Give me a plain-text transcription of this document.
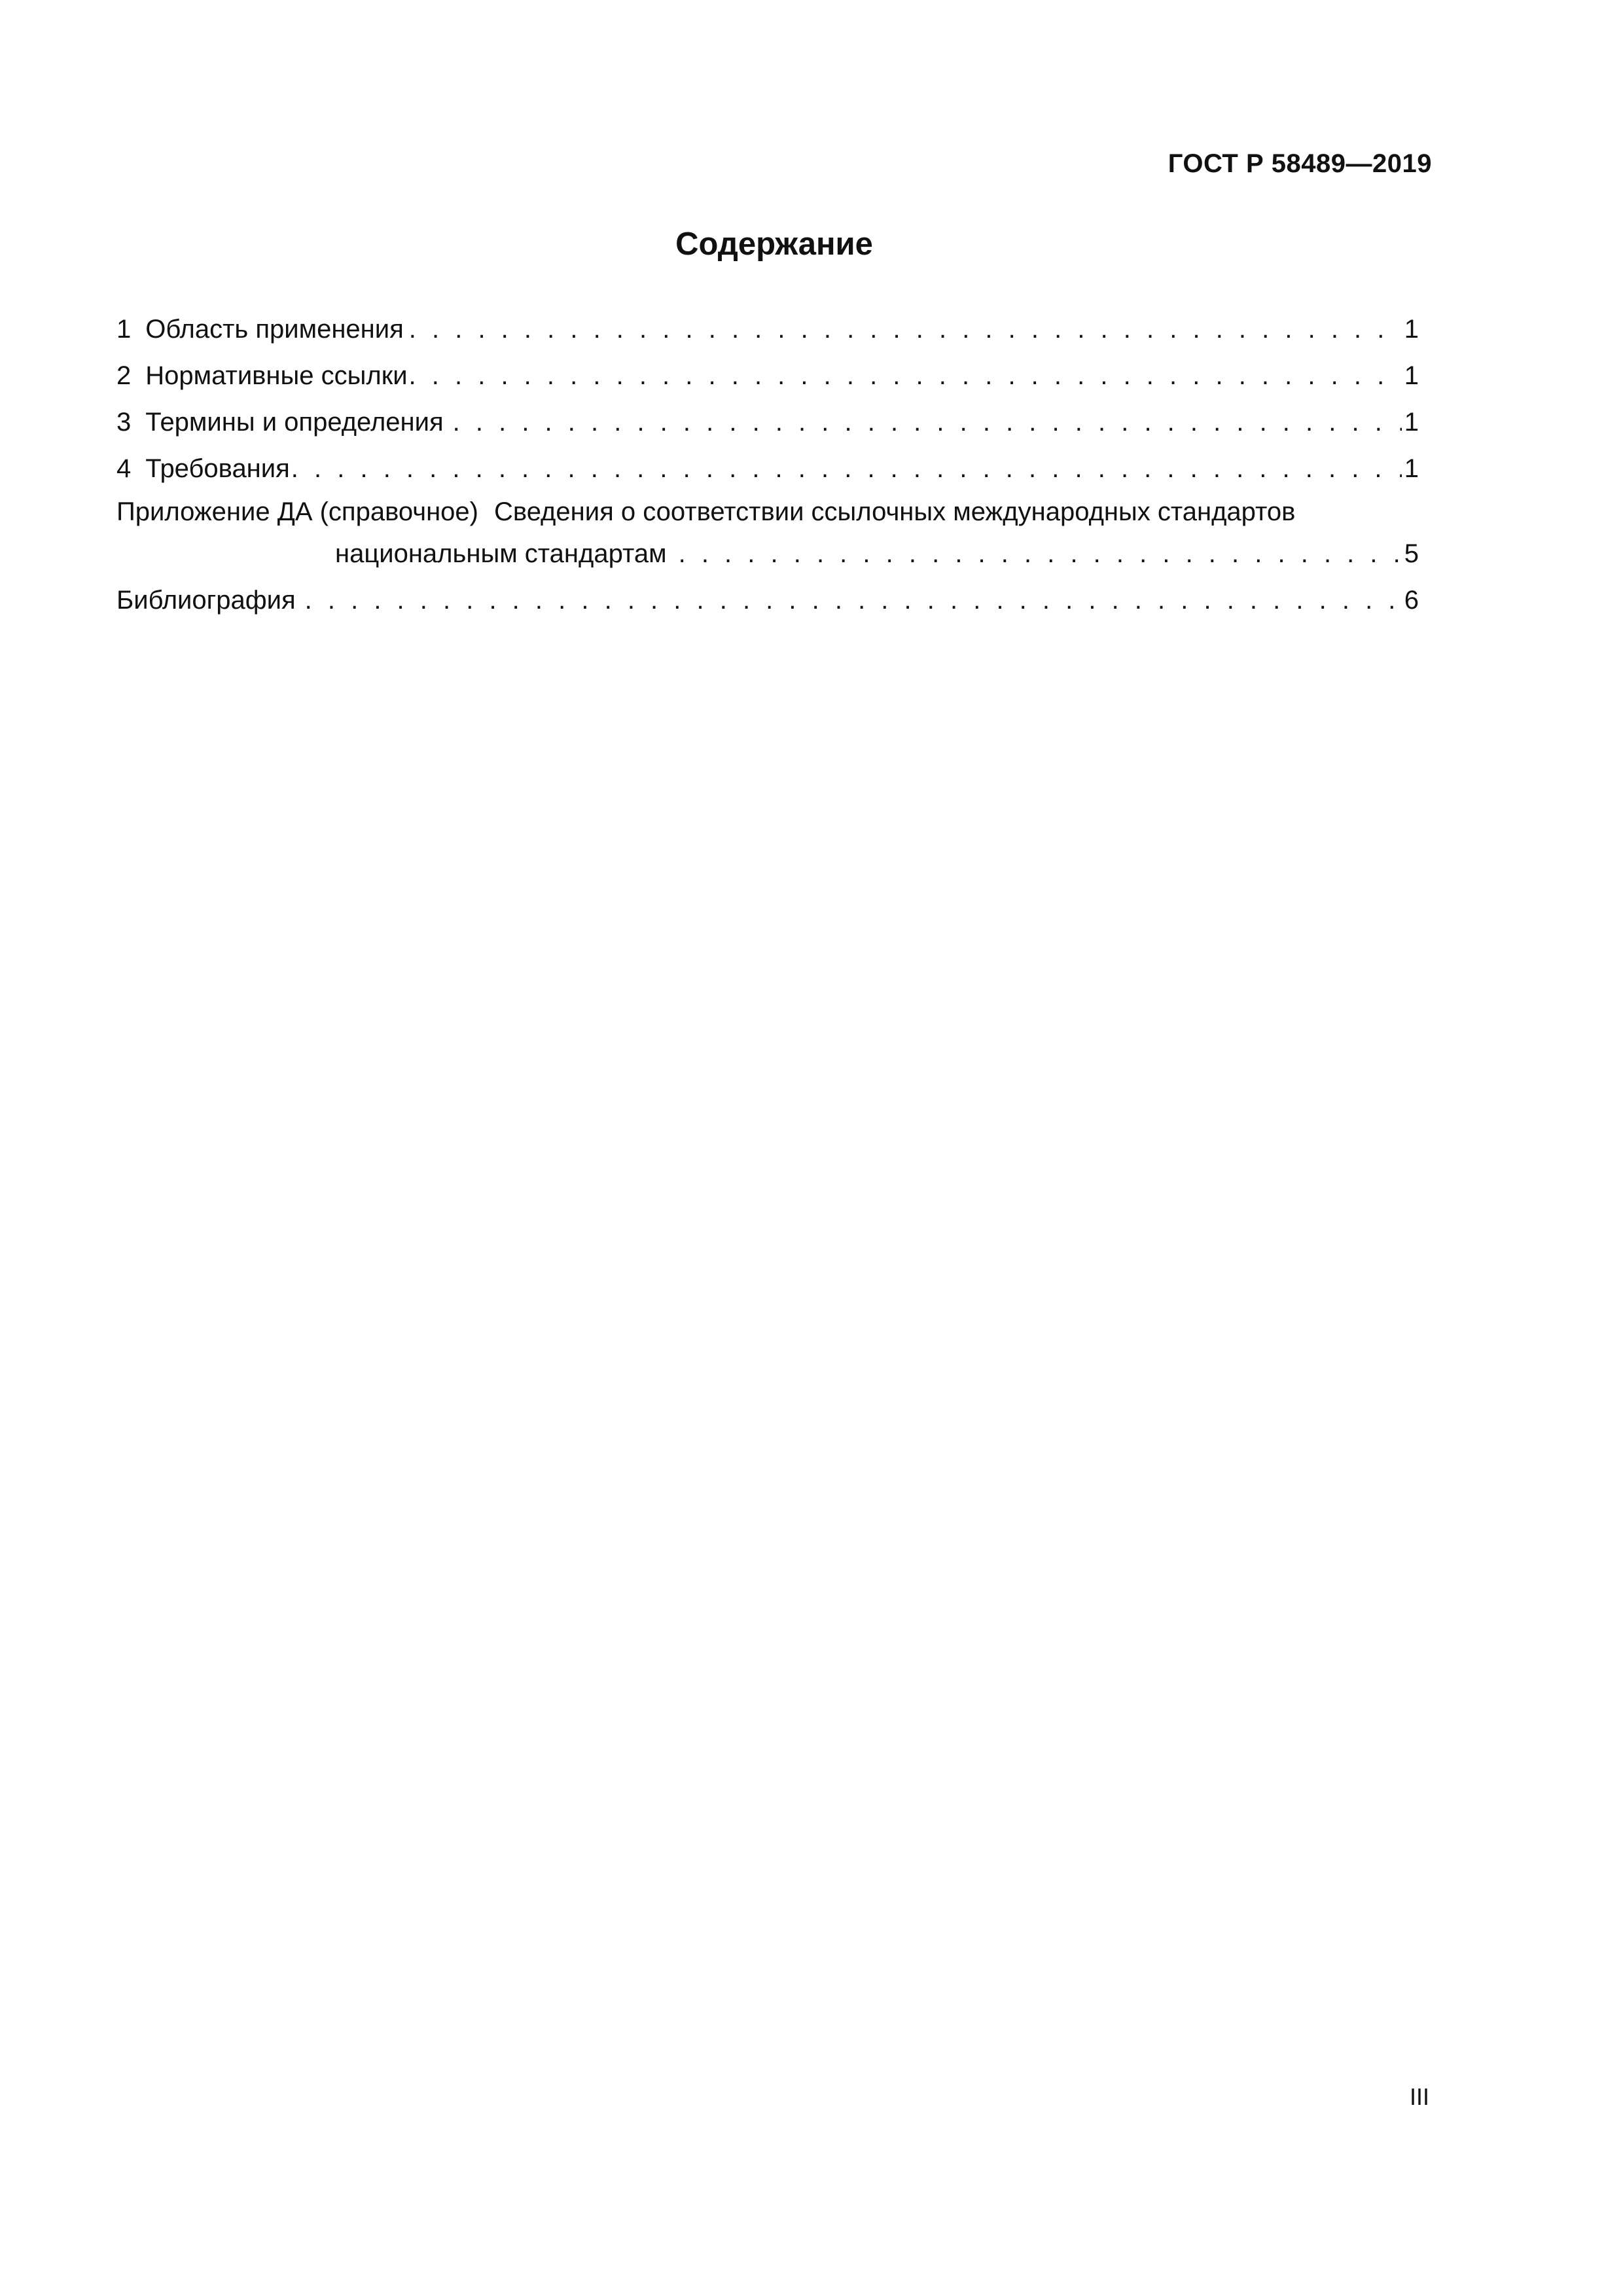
ГОСТ Р 58489—2019
Содержание
1 Область применения . . .	1
2 Нормативные ссылки . . .	1
3 Термины и определения . . .	1
4 Требования . . .	1
Приложение ДА (справочное) Сведения о соответствии ссылочных международных стандартов
национальным стандартам . . .	5
Библиография . . .	6
III
